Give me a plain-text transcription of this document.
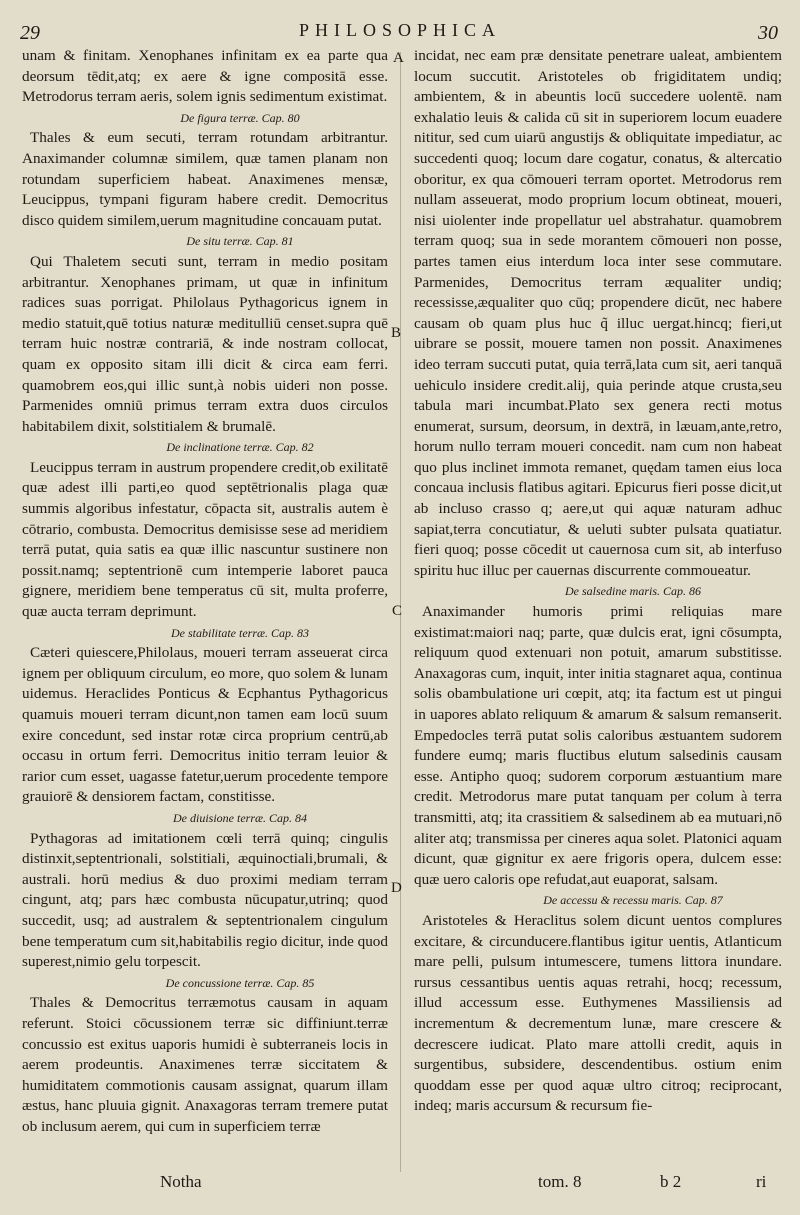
29	PHILOSOPHICA	30

unam & finitam. Xenophanes infinitam ex ea parte qua deorsum tēdit,atq; ex aere & igne compositā esse. Metrodorus terram aeris, solem ignis sedimentum existimat.

De figura terræ. Cap. 80

Thales & eum secuti, terram rotundam arbitrantur. Anaximander columnæ similem, quæ tamen planam non rotundam superficiem habeat. Anaximenes mensæ, Leucippus, tympani figuram habere credit. Democritus disco quidem similem,uerum magnitudine concauam putat.

De situ terræ. Cap. 81

Qui Thaletem secuti sunt, terram in medio positam arbitrantur. Xenophanes primam, ut quæ in infinitum radices suas porrigat. Philolaus Pythagoricus ignem in medio statuit,quē totius naturæ meditulliū censet.supra quē terram huic nostræ contrariā, & inde nostram collocat, quam ex opposito sitam illi dicit & circa eam ferri. quamobrem eos,qui illic sunt,à nobis uideri non posse. Parmenides omniū primus terram extra duos circulos habitabilem dixit, solstitialem & brumalē.

De inclinatione terræ. Cap. 82

Leucippus terram in austrum propendere credit,ob exilitatē quæ adest illi parti,eo quod septētrionalis plaga quæ summis algoribus infestatur, cōpacta sit, australis autem è cōtrario, combusta. Democritus demisisse sese ad meridiem terrā putat, quia satis ea quæ illic nascuntur sustinere non possit.namq; septentrionē cum intemperie laboret pauca gignere, meridiem bene temperatus cū sit, multa proferre, quæ aucta terram deprimunt.

De stabilitate terræ. Cap. 83

Cæteri quiescere,Philolaus, moueri terram asseuerat circa ignem per obliquum circulum, eo more, quo solem & lunam uidemus. Heraclides Ponticus & Ecphantus Pythagoricus quamuis moueri terram dicunt,non tamen eam locū suum exire concedunt, sed instar rotæ circa proprium centrū,ab occasu in ortum ferri. Democritus initio terram leuior & rarior cum esset, uagasse fatetur,uerum procedente tempore grauiorē & densiorem factam, constitisse.

De diuisione terræ. Cap. 84

Pythagoras ad imitationem cœli terrā quinq; cingulis distinxit,septentrionali, solstitiali, æquinoctiali,brumali, & australi. horū medius & duo proximi mediam terram cingunt, atq; pars hæc combusta nūcupatur,utrinq; quod succedit, usq; ad australem & septentrionalem cingulum bene temperatum cum sit,habitabilis regio dicitur, inde quod superest,nimio gelu torpescit.

De concussione terræ. Cap. 85

Thales & Democritus terræmotus causam in aquam referunt. Stoici cōcussionem terræ sic diffiniunt.terræ concussio est exitus uaporis humidi è subterraneis locis in aerem prodeuntis. Anaximenes terræ siccitatem & humiditatem commotionis causam assignat, quarum illam æstus, hanc pluuia gignit. Anaxagoras terram tremere putat ob inclusum aerem, qui cum in superficiem terræ

incidat, nec eam præ densitate penetrare ualeat, ambientem locum succutit. Aristoteles ob frigiditatem undiq; ambientem, & in abeuntis locū succedere uolentē. nam exhalatio leuis & calida cū sit in superiorem locum euadere nititur, sed cum uiarū angustijs & obliquitate impediatur, ac succedenti quoq; locum dare cogatur, conatus, & altercatio oboritur, ex qua cōmoueri terram oportet. Metrodorus rem nullam asseuerat, modo proprium locum obtineat, moueri, nisi uiolenter inde propellatur uel abstrahatur. quamobrem terram quoq; sua in sede morantem cōmoueri non posse, partes tamen eius interdum loca inter sese commutare. Parmenides, Democritus terram æqualiter undiq; recessisse,æqualiter quo cūq; propendere dicūt, nec habere causam ob quam plus huc q̃ illuc uergat.hincq; fieri,ut uibrare se possit, mouere tamen non possit. Anaximenes ideo terram succuti putat, quia terrā,lata cum sit, aeri tanquā uehiculo insidere credit.alij, quia perinde atque crusta,seu tabula mari incumbat.Plato sex genera recti motus enumerat, sursum, deorsum, in dextrā, in læuam,ante,retro, horum nullo terram moueri concedit. nam cum non habeat quo plus inclinet immota remanet, quędam tamen eius loca concaua inclusis flatibus agitari. Epicurus fieri posse dicit,ut ab incluso crasso q; aere,ut qui aquæ naturam adhuc sapiat,terra concutiatur, & ueluti subter pulsata quatiatur. fieri quoq; posse cōcedit ut cauernosa cum sit, ab interfuso spiritu huc illuc per cauernas discurrente commoueatur.

De salsedine maris. Cap. 86

Anaximander humoris primi reliquias mare existimat:maiori naq; parte, quæ dulcis erat, igni cōsumpta, reliquum quod extenuari non potuit, amarum substitisse. Anaxagoras cum, inquit, inter initia stagnaret aqua, continua solis obambulatione uri cœpit, atq; ita factum est ut pingui in uapores ablato reliquum & amarum & salsum remanserit. Empedocles terrā putat solis caloribus æstuantem sudorem fundere eumq; maris fluctibus elutum salsedinis causam esse. Antipho quoq; sudorem corporum æstuantium mare credit. Metrodorus mare putat tanquam per colum à terra transmitti, atq; ita crassitiem & salsedinem ab ea mutuari,nō aliter atq; transmissa per cineres aqua solet. Platonici aquam dicunt, quæ gignitur ex aere frigoris opera, dulcem esse: quæ uero caloris ope refudat,aut euaporat, salsam.

De accessu & recessu maris. Cap. 87

Aristoteles & Heraclitus solem dicunt uentos complures excitare, & circunducere.flantibus igitur uentis, Atlanticum mare pelli, pulsum intumescere, tumens littora inundare. rursus cessantibus uentis aquas retrahi, hocq; recessum, illud accessum esse. Euthymenes Massiliensis ad incrementum & decrementum lunæ, mare crescere & decrescere iudicat. Plato mare attolli credit, aquis in surgentibus, subsidere, descendentibus. ostium enim quoddam esse per quod aquæ ultro citroq; reciprocant, indeq; maris accursum & recursum fie-

A
B
C
D
Notha	tom. 8	b 2	ri
